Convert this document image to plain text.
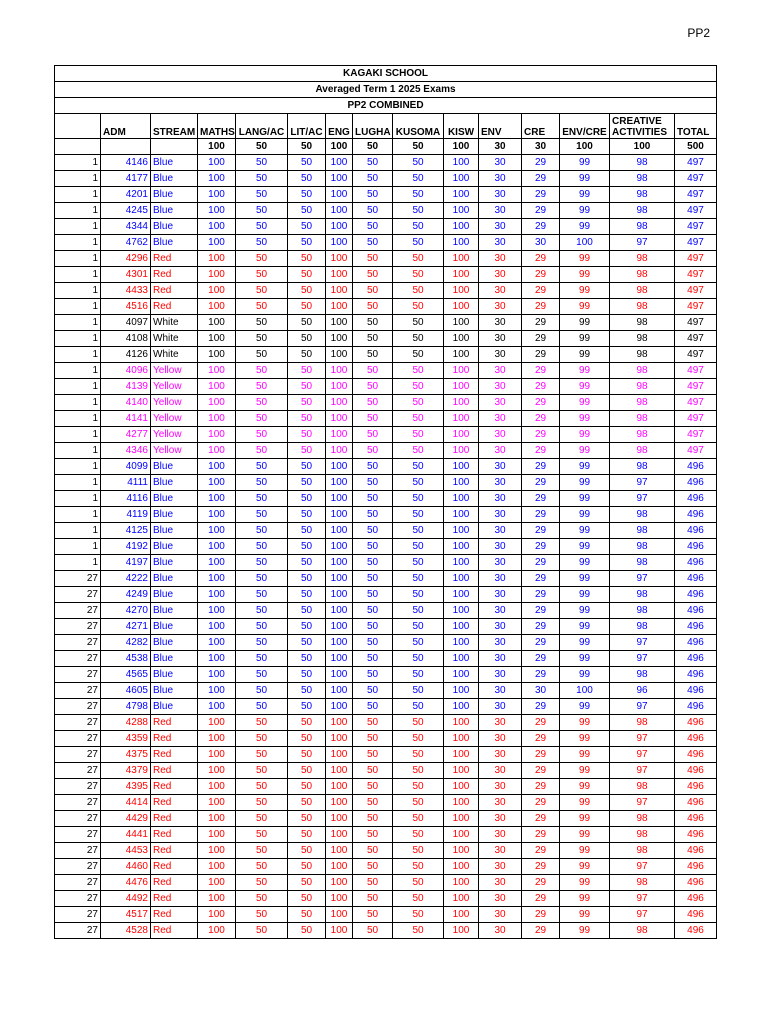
PP2
KAGAKI SCHOOL														
Averaged Term 1 2025 Exams														
PP2 COMBINED														
	ADM	STREAM	MATHS	LANG/AC	LIT/AC	ENG	LUGHA	KUSOMA	KISW	ENV	CRE	ENV/CRE	CREATIVE ACTIVITIES	TOTAL
			100	50	50	100	50	50	100	30	30	100	100	500
1	4146	Blue	100	50	50	100	50	50	100	30	29	99	98	497
1	4177	Blue	100	50	50	100	50	50	100	30	29	99	98	497
1	4201	Blue	100	50	50	100	50	50	100	30	29	99	98	497
1	4245	Blue	100	50	50	100	50	50	100	30	29	99	98	497
1	4344	Blue	100	50	50	100	50	50	100	30	29	99	98	497
1	4762	Blue	100	50	50	100	50	50	100	30	30	100	97	497
1	4296	Red	100	50	50	100	50	50	100	30	29	99	98	497
1	4301	Red	100	50	50	100	50	50	100	30	29	99	98	497
1	4433	Red	100	50	50	100	50	50	100	30	29	99	98	497
1	4516	Red	100	50	50	100	50	50	100	30	29	99	98	497
1	4097	White	100	50	50	100	50	50	100	30	29	99	98	497
1	4108	White	100	50	50	100	50	50	100	30	29	99	98	497
1	4126	White	100	50	50	100	50	50	100	30	29	99	98	497
1	4096	Yellow	100	50	50	100	50	50	100	30	29	99	98	497
1	4139	Yellow	100	50	50	100	50	50	100	30	29	99	98	497
1	4140	Yellow	100	50	50	100	50	50	100	30	29	99	98	497
1	4141	Yellow	100	50	50	100	50	50	100	30	29	99	98	497
1	4277	Yellow	100	50	50	100	50	50	100	30	29	99	98	497
1	4346	Yellow	100	50	50	100	50	50	100	30	29	99	98	497
1	4099	Blue	100	50	50	100	50	50	100	30	29	99	98	496
1	4111	Blue	100	50	50	100	50	50	100	30	29	99	97	496
1	4116	Blue	100	50	50	100	50	50	100	30	29	99	97	496
1	4119	Blue	100	50	50	100	50	50	100	30	29	99	98	496
1	4125	Blue	100	50	50	100	50	50	100	30	29	99	98	496
1	4192	Blue	100	50	50	100	50	50	100	30	29	99	98	496
1	4197	Blue	100	50	50	100	50	50	100	30	29	99	98	496
27	4222	Blue	100	50	50	100	50	50	100	30	29	99	97	496
27	4249	Blue	100	50	50	100	50	50	100	30	29	99	98	496
27	4270	Blue	100	50	50	100	50	50	100	30	29	99	98	496
27	4271	Blue	100	50	50	100	50	50	100	30	29	99	98	496
27	4282	Blue	100	50	50	100	50	50	100	30	29	99	97	496
27	4538	Blue	100	50	50	100	50	50	100	30	29	99	97	496
27	4565	Blue	100	50	50	100	50	50	100	30	29	99	98	496
27	4605	Blue	100	50	50	100	50	50	100	30	30	100	96	496
27	4798	Blue	100	50	50	100	50	50	100	30	29	99	97	496
27	4288	Red	100	50	50	100	50	50	100	30	29	99	98	496
27	4359	Red	100	50	50	100	50	50	100	30	29	99	97	496
27	4375	Red	100	50	50	100	50	50	100	30	29	99	97	496
27	4379	Red	100	50	50	100	50	50	100	30	29	99	97	496
27	4395	Red	100	50	50	100	50	50	100	30	29	99	98	496
27	4414	Red	100	50	50	100	50	50	100	30	29	99	97	496
27	4429	Red	100	50	50	100	50	50	100	30	29	99	98	496
27	4441	Red	100	50	50	100	50	50	100	30	29	99	98	496
27	4453	Red	100	50	50	100	50	50	100	30	29	99	98	496
27	4460	Red	100	50	50	100	50	50	100	30	29	99	97	496
27	4476	Red	100	50	50	100	50	50	100	30	29	99	98	496
27	4492	Red	100	50	50	100	50	50	100	30	29	99	97	496
27	4517	Red	100	50	50	100	50	50	100	30	29	99	97	496
27	4528	Red	100	50	50	100	50	50	100	30	29	99	98	496
